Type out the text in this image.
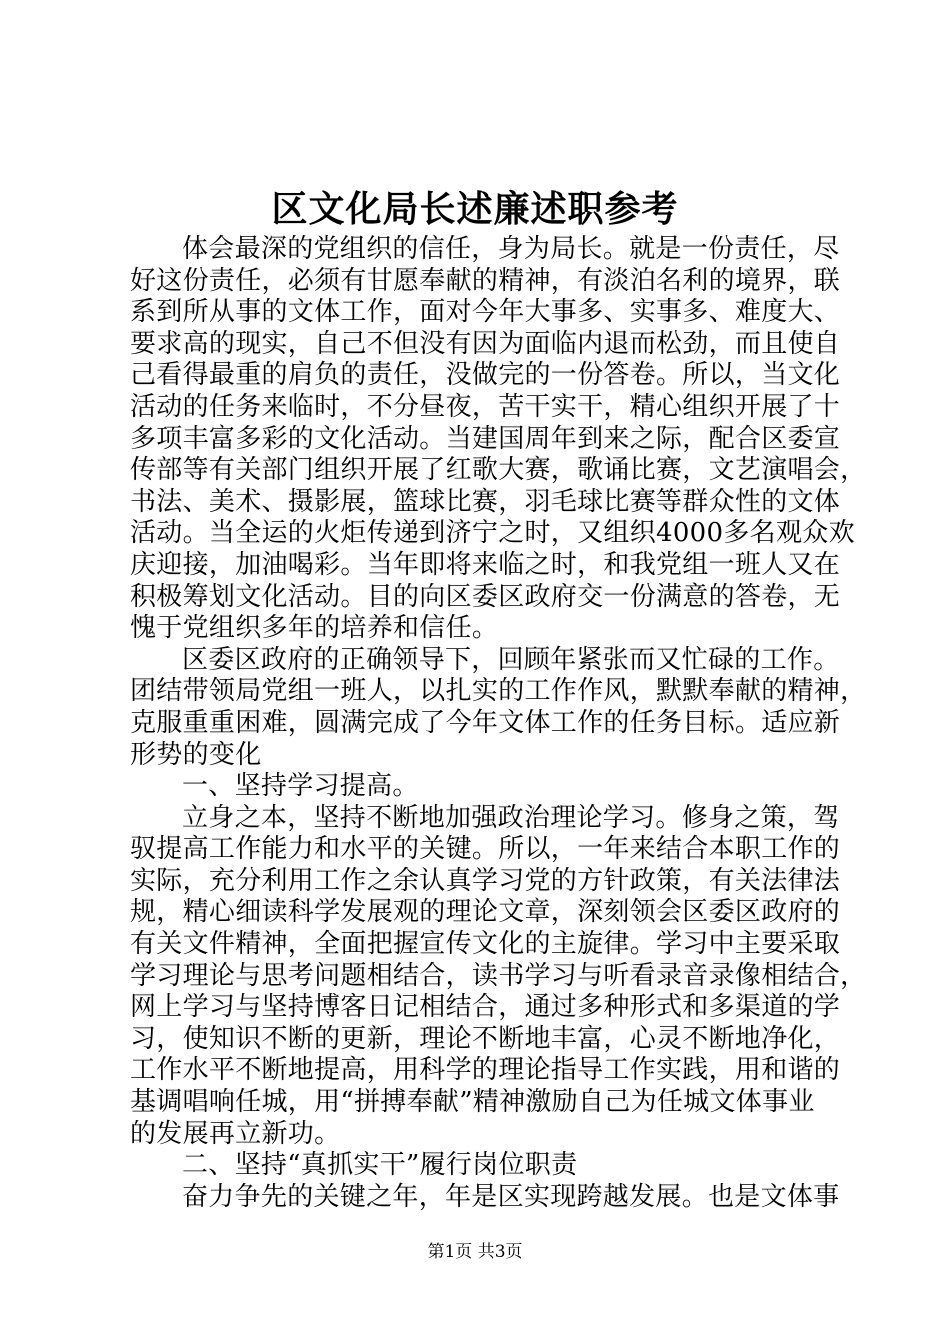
区文化局长述廉述职参考
体会最深的党组织的信任，身为局长。就是一份责任，尽
好这份责任，必须有甘愿奉献的精神，有淡泊名利的境界，联
系到所从事的文体工作，面对今年大事多、实事多、难度大、
要求高的现实，自己不但没有因为面临内退而松劲，而且使自
己看得最重的肩负的责任，没做完的一份答卷。所以，当文化
活动的任务来临时，不分昼夜，苦干实干，精心组织开展了十
多项丰富多彩的文化活动。当建国周年到来之际，配合区委宣
传部等有关部门组织开展了红歌大赛，歌诵比赛，文艺演唱会，
书法、美术、摄影展，篮球比赛，羽毛球比赛等群众性的文体
活动。当全运的火炬传递到济宁之时，又组织4000多名观众欢
庆迎接，加油喝彩。当年即将来临之时，和我党组一班人又在
积极筹划文化活动。目的向区委区政府交一份满意的答卷，无
愧于党组织多年的培养和信任。
区委区政府的正确领导下，回顾年紧张而又忙碌的工作。
团结带领局党组一班人，以扎实的工作作风，默默奉献的精神，
克服重重困难，圆满完成了今年文体工作的任务目标。适应新
形势的变化
一、坚持学习提高。
立身之本，坚持不断地加强政治理论学习。修身之策，驾
驭提高工作能力和水平的关键。所以，一年来结合本职工作的
实际，充分利用工作之余认真学习党的方针政策，有关法律法
规，精心细读科学发展观的理论文章，深刻领会区委区政府的
有关文件精神，全面把握宣传文化的主旋律。学习中主要采取
学习理论与思考问题相结合，读书学习与听看录音录像相结合，
网上学习与坚持博客日记相结合，通过多种形式和多渠道的学
习，使知识不断的更新，理论不断地丰富，心灵不断地净化，
工作水平不断地提高，用科学的理论指导工作实践，用和谐的
基调唱响任城，用“拼搏奉献”精神激励自己为任城文体事业
的发展再立新功。
二、坚持“真抓实干”履行岗位职责
奋力争先的关键之年，年是区实现跨越发展。也是文体事
第1页 共3页
